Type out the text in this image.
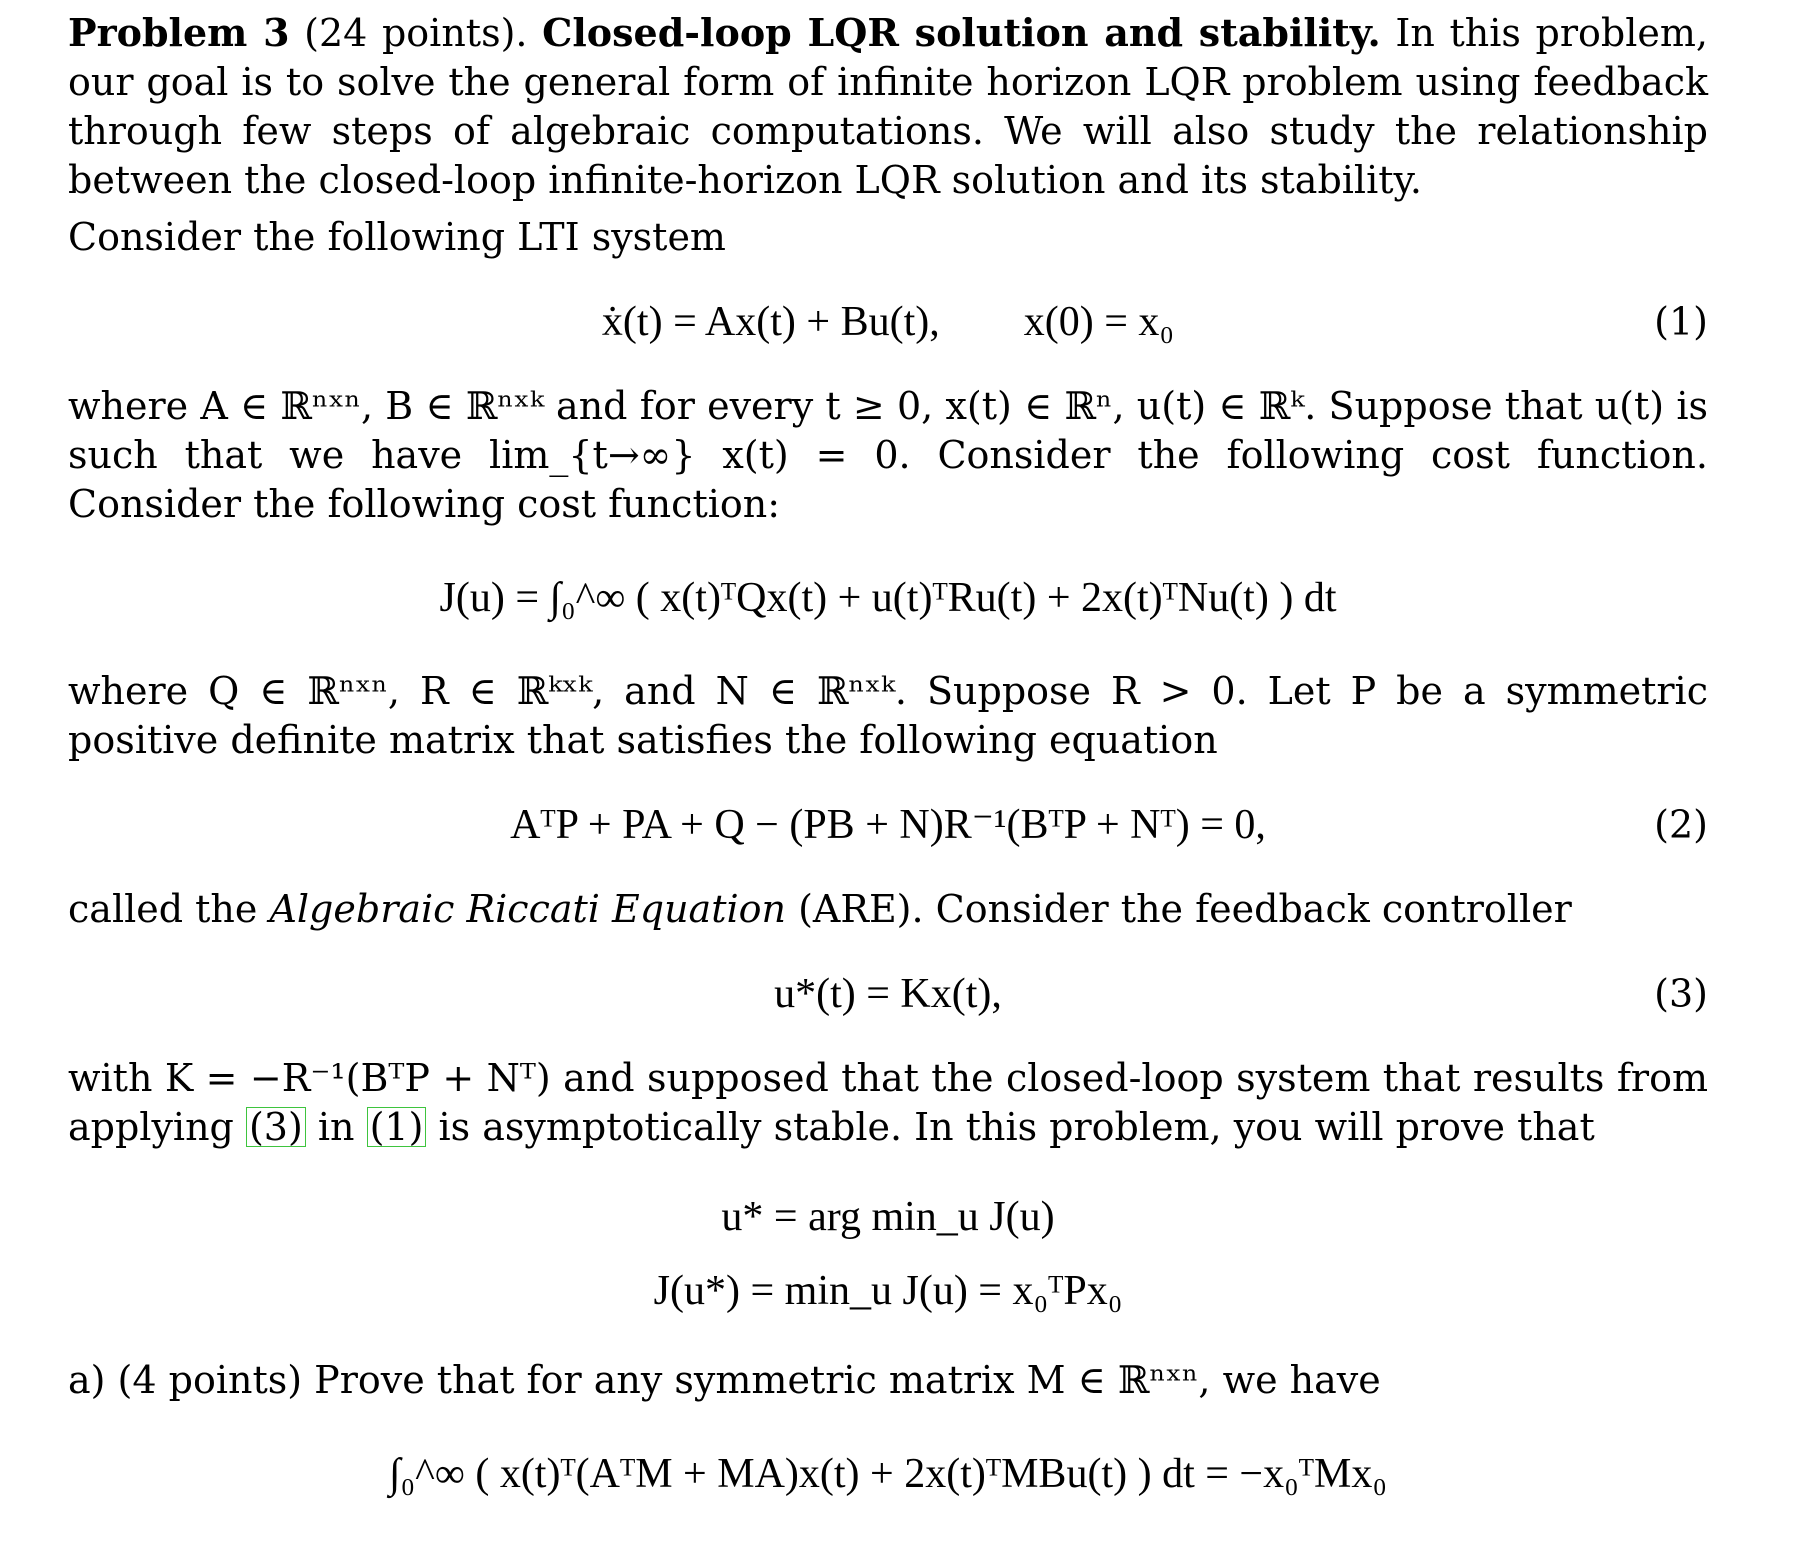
Problem 3 (24 points). Closed-loop LQR solution and stability. In this problem, our goal is to solve the general form of infinite horizon LQR problem using feedback through few steps of algebraic computations. We will also study the relationship between the closed-loop infinite-horizon LQR solution and its stability.

Consider the following LTI system

ẋ(t) = Ax(t) + Bu(t),        x(0) = x₀	(1)

where A ∈ ℝⁿˣⁿ, B ∈ ℝⁿˣᵏ and for every t ≥ 0, x(t) ∈ ℝⁿ, u(t) ∈ ℝᵏ. Suppose that u(t) is such that we have lim_{t→∞} x(t) = 0. Consider the following cost function. Consider the following cost function:

J(u) = ∫₀^∞ ( x(t)ᵀQx(t) + u(t)ᵀRu(t) + 2x(t)ᵀNu(t) ) dt

where Q ∈ ℝⁿˣⁿ, R ∈ ℝᵏˣᵏ, and N ∈ ℝⁿˣᵏ. Suppose R > 0. Let P be a symmetric positive definite matrix that satisfies the following equation

AᵀP + PA + Q − (PB + N)R⁻¹(BᵀP + Nᵀ) = 0,	(2)

called the Algebraic Riccati Equation (ARE). Consider the feedback controller

u*(t) = Kx(t),	(3)

with K = −R⁻¹(BᵀP + Nᵀ) and supposed that the closed-loop system that results from applying (3) in (1) is asymptotically stable. In this problem, you will prove that

u* = arg min_u J(u)
J(u*) = min_u J(u) = x₀ᵀPx₀

a) (4 points) Prove that for any symmetric matrix M ∈ ℝⁿˣⁿ, we have

∫₀^∞ ( x(t)ᵀ(AᵀM + MA)x(t) + 2x(t)ᵀMBu(t) ) dt = −x₀ᵀMx₀
